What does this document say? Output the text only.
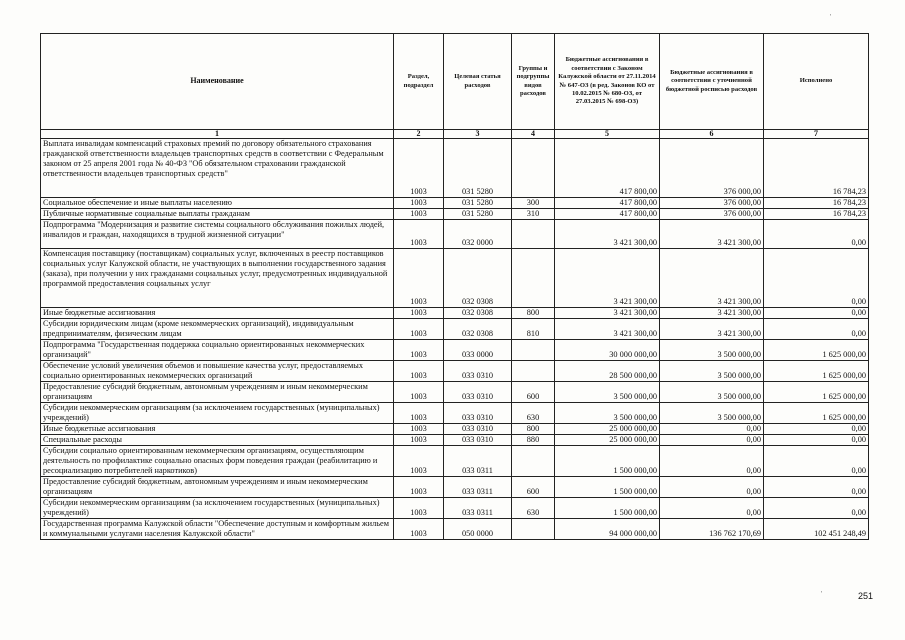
Наименование	Раздел, подраздел	Целевая статья расходов	Группы и подгруппы видов расходов	Бюджетные ассигнования в соответствии с Законом Калужской области от 27.11.2014 № 647-ОЗ (в ред. Законов КО от 10.02.2015 № 680-ОЗ, от 27.03.2015 № 698-ОЗ)	Бюджетные ассигнования в соответствии с уточненной бюджетной росписью расходов	Исполнено
1	2	3	4	5	6	7

Выплата инвалидам компенсаций страховых премий по договору обязательного страхования гражданской ответственности владельцев транспортных средств в соответствии с Федеральным законом от 25 апреля 2001 года № 40-ФЗ "Об обязательном страховании гражданской ответственности владельцев транспортных средств"	1003	031 5280		417 800,00	376 000,00	16 784,23

Социальное обеспечение и иные выплаты населению	1003	031 5280	300	417 800,00	376 000,00	16 784,23

Публичные нормативные социальные выплаты гражданам	1003	031 5280	310	417 800,00	376 000,00	16 784,23

Подпрограмма "Модернизация и развитие системы социального обслуживания пожилых людей, инвалидов и граждан, находящихся в трудной жизненной ситуации"	1003	032 0000		3 421 300,00	3 421 300,00	0,00

Компенсация поставщику (поставщикам) социальных услуг, включенных в реестр поставщиков социальных услуг Калужской области, не участвующих в выполнении государственного задания (заказа), при получении у них гражданами социальных услуг, предусмотренных индивидуальной программой предоставления социальных услуг	1003	032 0308		3 421 300,00	3 421 300,00	0,00

Иные бюджетные ассигнования	1003	032 0308	800	3 421 300,00	3 421 300,00	0,00

Субсидии юридическим лицам (кроме некоммерческих организаций), индивидуальным предпринимателям, физическим лицам	1003	032 0308	810	3 421 300,00	3 421 300,00	0,00

Подпрограмма "Государственная поддержка социально ориентированных некоммерческих организаций"	1003	033 0000		30 000 000,00	3 500 000,00	1 625 000,00

Обеспечение условий увеличения объемов и повышение качества услуг, предоставляемых социально ориентированных некоммерческих организаций	1003	033 0310		28 500 000,00	3 500 000,00	1 625 000,00

Предоставление субсидий бюджетным, автономным учреждениям и иным некоммерческим организациям	1003	033 0310	600	3 500 000,00	3 500 000,00	1 625 000,00

Субсидии некоммерческим организациям (за исключением государственных (муниципальных) учреждений)	1003	033 0310	630	3 500 000,00	3 500 000,00	1 625 000,00

Иные бюджетные ассигнования	1003	033 0310	800	25 000 000,00	0,00	0,00

Специальные расходы	1003	033 0310	880	25 000 000,00	0,00	0,00

Субсидии социально ориентированным некоммерческим организациям, осуществляющим деятельность по профилактике социально опасных форм поведения граждан (реабилитацию и ресоциализацию потребителей наркотиков)	1003	033 0311		1 500 000,00	0,00	0,00

Предоставление субсидий бюджетным, автономным учреждениям и иным некоммерческим организациям	1003	033 0311	600	1 500 000,00	0,00	0,00

Субсидии некоммерческим организациям (за исключением государственных (муниципальных) учреждений)	1003	033 0311	630	1 500 000,00	0,00	0,00

Государственная программа Калужской области "Обеспечение доступным и комфортным жильем и коммунальными услугами населения Калужской области"	1003	050 0000		94 000 000,00	136 762 170,69	102 451 248,49
251
'
'
